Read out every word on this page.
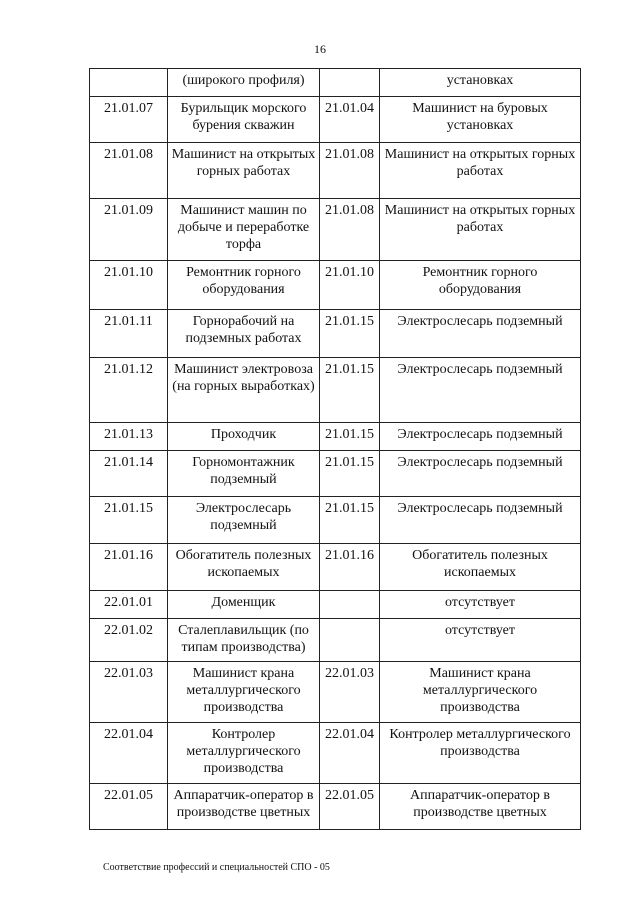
16
	(широкого профиля)		установках
21.01.07	Бурильщик морского бурения скважин	21.01.04	Машинист на буровых установках
21.01.08	Машинист на открытых горных работах	21.01.08	Машинист на открытых горных работах
21.01.09	Машинист машин по добыче и переработке торфа	21.01.08	Машинист на открытых горных работах
21.01.10	Ремонтник горного оборудования	21.01.10	Ремонтник горного оборудования
21.01.11	Горнорабочий на подземных работах	21.01.15	Электрослесарь подземный
21.01.12	Машинист электровоза (на горных выработках)	21.01.15	Электрослесарь подземный
21.01.13	Проходчик	21.01.15	Электрослесарь подземный
21.01.14	Горномонтажник подземный	21.01.15	Электрослесарь подземный
21.01.15	Электрослесарь подземный	21.01.15	Электрослесарь подземный
21.01.16	Обогатитель полезных ископаемых	21.01.16	Обогатитель полезных ископаемых
22.01.01	Доменщик		отсутствует
22.01.02	Сталеплавильщик (по типам производства)		отсутствует
22.01.03	Машинист крана металлургического производства	22.01.03	Машинист крана металлургического производства
22.01.04	Контролер металлургического производства	22.01.04	Контролер металлургического производства
22.01.05	Аппаратчик-оператор в производстве цветных	22.01.05	Аппаратчик-оператор в производстве цветных
Соответствие профессий и специальностей СПО - 05
